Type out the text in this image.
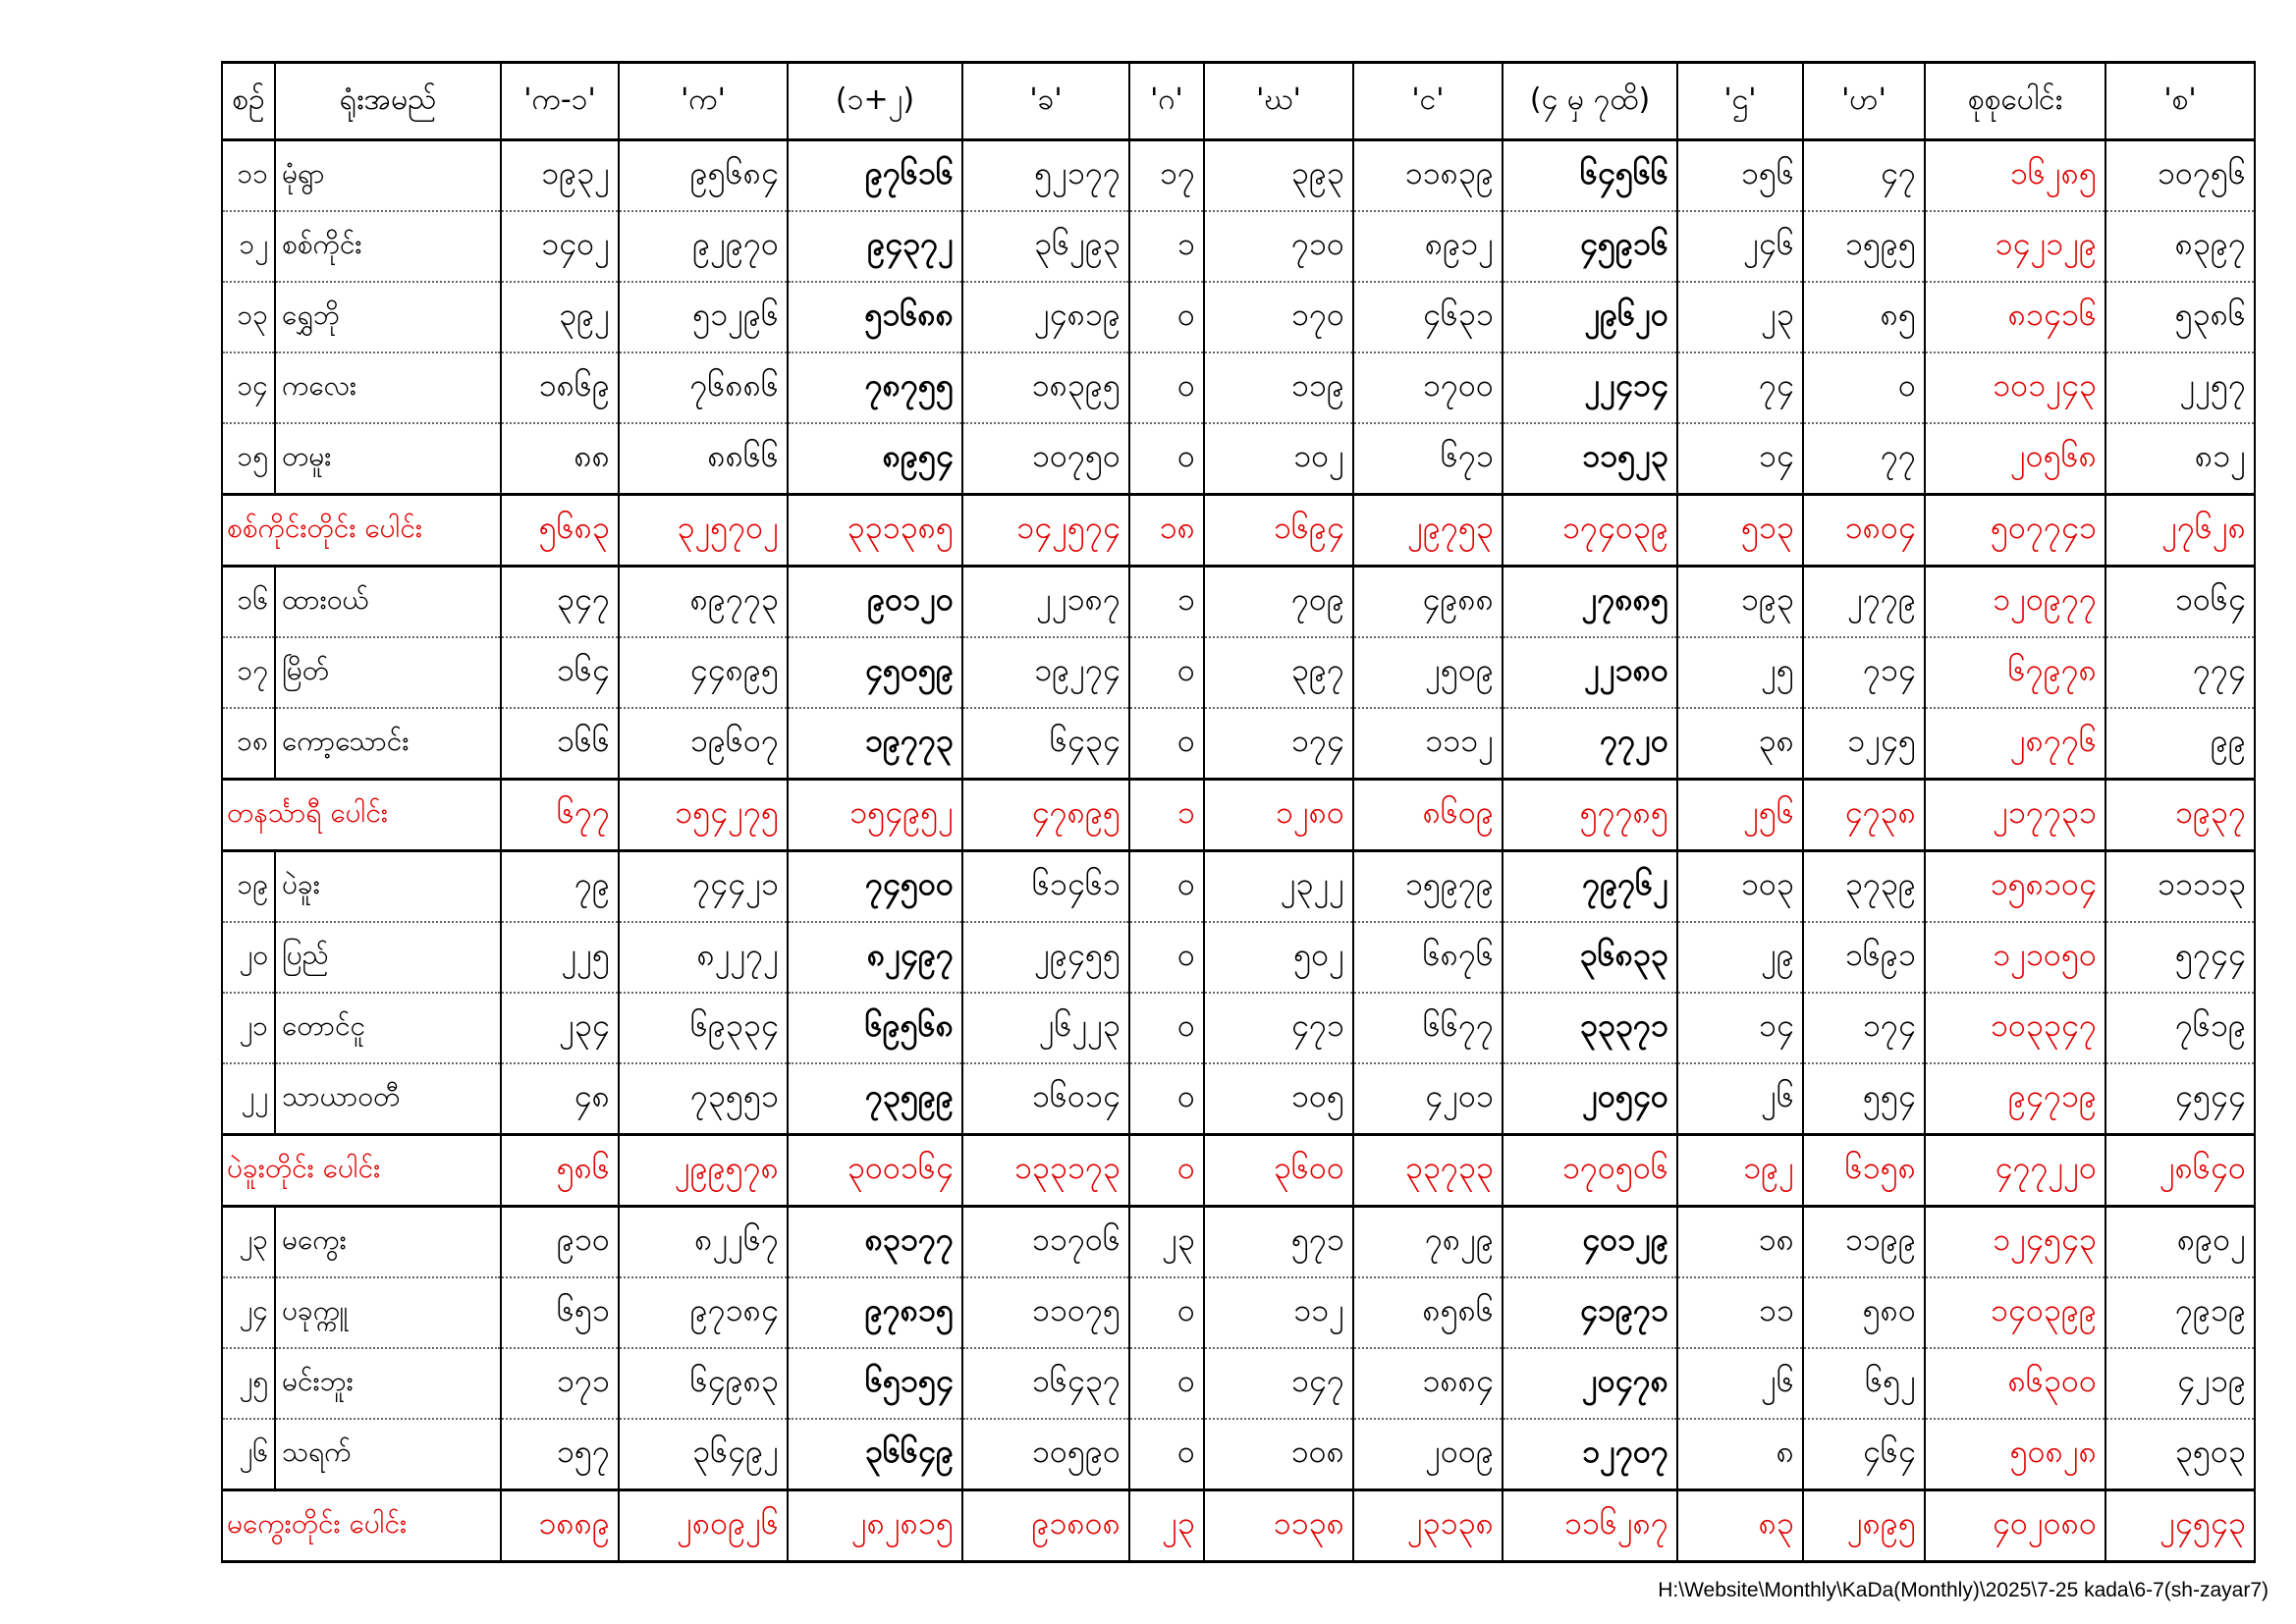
စဉ်	ရုံးအမည်	'က-၁'	'က'	(၁+၂)	'ခ'	'ဂ'	'ဃ'	'င'	(၄ မှ ၇ထိ)	'ဌ'	'ဟ'	စုစုပေါင်း	'စ'
၁၁	မုံရွာ	၁၉၃၂	၉၅၆၈၄	၉၇၆၁၆	၅၂၁၇၇	၁၇	၃၉၃	၁၁၈၃၉	၆၄၅၆၆	၁၅၆	၄၇	၁၆၂၈၅	၁၀၇၅၆
၁၂	စစ်ကိုင်း	၁၄၀၂	၉၂၉၇၀	၉၄၃၇၂	၃၆၂၉၃	၁	၇၁၀	၈၉၁၂	၄၅၉၁၆	၂၄၆	၁၅၉၅	၁၄၂၁၂၉	၈၃၉၇
၁၃	ရွှေဘို	၃၉၂	၅၁၂၉၆	၅၁၆၈၈	၂၄၈၁၉	၀	၁၇၀	၄၆၃၁	၂၉၆၂၀	၂၃	၈၅	၈၁၄၁၆	၅၃၈၆
၁၄	ကလေး	၁၈၆၉	၇၆၈၈၆	၇၈၇၅၅	၁၈၃၉၅	၀	၁၁၉	၁၇၀၀	၂၂၄၁၄	၇၄	၀	၁၀၁၂၄၃	၂၂၅၇
၁၅	တမူး	၈၈	၈၈၆၆	၈၉၅၄	၁၀၇၅၀	၀	၁၀၂	၆၇၁	၁၁၅၂၃	၁၄	၇၇	၂၀၅၆၈	၈၁၂
စစ်ကိုင်းတိုင်း ပေါင်း		၅၆၈၃	၃၂၅၇၀၂	၃၃၁၃၈၅	၁၄၂၅၇၄	၁၈	၁၆၉၄	၂၉၇၅၃	၁၇၄၀၃၉	၅၁၃	၁၈၀၄	၅၀၇၇၄၁	၂၇၆၂၈
၁၆	ထားဝယ်	၃၄၇	၈၉၇၇၃	၉၀၁၂၀	၂၂၁၈၇	၁	၇၀၉	၄၉၈၈	၂၇၈၈၅	၁၉၃	၂၇၇၉	၁၂၀၉၇၇	၁၀၆၄
၁၇	မြိတ်	၁၆၄	၄၄၈၉၅	၄၅၀၅၉	၁၉၂၇၄	၀	၃၉၇	၂၅၀၉	၂၂၁၈၀	၂၅	၇၁၄	၆၇၉၇၈	၇၇၄
၁၈	ကော့သောင်း	၁၆၆	၁၉၆၀၇	၁၉၇၇၃	၆၄၃၄	၀	၁၇၄	၁၁၁၂	၇၇၂၀	၃၈	၁၂၄၅	၂၈၇၇၆	၉၉
တနင်္သာရီ ပေါင်း		၆၇၇	၁၅၄၂၇၅	၁၅၄၉၅၂	၄၇၈၉၅	၁	၁၂၈၀	၈၆၀၉	၅၇၇၈၅	၂၅၆	၄၇၃၈	၂၁၇၇၃၁	၁၉၃၇
၁၉	ပဲခူး	၇၉	၇၄၄၂၁	၇၄၅၀၀	၆၁၄၆၁	၀	၂၃၂၂	၁၅၉၇၉	၇၉၇၆၂	၁၀၃	၃၇၃၉	၁၅၈၁၀၄	၁၁၁၁၃
၂၀	ပြည်	၂၂၅	၈၂၂၇၂	၈၂၄၉၇	၂၉၄၅၅	၀	၅၀၂	၆၈၇၆	၃၆၈၃၃	၂၉	၁၆၉၁	၁၂၁၀၅၀	၅၇၄၄
၂၁	တောင်ငူ	၂၃၄	၆၉၃၃၄	၆၉၅၆၈	၂၆၂၂၃	၀	၄၇၁	၆၆၇၇	၃၃၃၇၁	၁၄	၁၇၄	၁၀၃၃၄၇	၇၆၁၉
၂၂	သာယာဝတီ	၄၈	၇၃၅၅၁	၇၃၅၉၉	၁၆၀၁၄	၀	၁၀၅	၄၂၀၁	၂၀၅၄၀	၂၆	၅၅၄	၉၄၇၁၉	၄၅၄၄
ပဲခူးတိုင်း ပေါင်း		၅၈၆	၂၉၉၅၇၈	၃၀၀၁၆၄	၁၃၃၁၇၃	၀	၃၆၀၀	၃၃၇၃၃	၁၇၀၅၀၆	၁၉၂	၆၁၅၈	၄၇၇၂၂၀	၂၈၆၄၀
၂၃	မကွေး	၉၁၀	၈၂၂၆၇	၈၃၁၇၇	၁၁၇၀၆	၂၃	၅၇၁	၇၈၂၉	၄၀၁၂၉	၁၈	၁၁၉၉	၁၂၄၅၄၃	၈၉၀၂
၂၄	ပခုက္ကူ	၆၅၁	၉၇၁၈၄	၉၇၈၁၅	၁၁၀၇၅	၀	၁၁၂	၈၅၈၆	၄၁၉၇၁	၁၁	၅၈၀	၁၄၀၃၉၉	၇၉၁၉
၂၅	မင်းဘူး	၁၇၁	၆၄၉၈၃	၆၅၁၅၄	၁၆၄၃၇	၀	၁၄၇	၁၈၈၄	၂၀၄၇၈	၂၆	၆၅၂	၈၆၃၀၀	၄၂၁၉
၂၆	သရက်	၁၅၇	၃၆၄၉၂	၃၆၆၄၉	၁၀၅၉၀	၀	၁၀၈	၂၀၀၉	၁၂၇၀၇	၈	၄၆၄	၅၀၈၂၈	၃၅၀၃
မကွေးတိုင်း ပေါင်း		၁၈၈၉	၂၈၀၉၂၆	၂၈၂၈၁၅	၉၁၈၀၈	၂၃	၁၁၃၈	၂၃၁၃၈	၁၁၆၂၈၇	၈၃	၂၈၉၅	၄၀၂၀၈၀	၂၄၅၄၃
H:\Website\Monthly\KaDa(Monthly)\2025\7-25 kada\6-7(sh-zayar7)
